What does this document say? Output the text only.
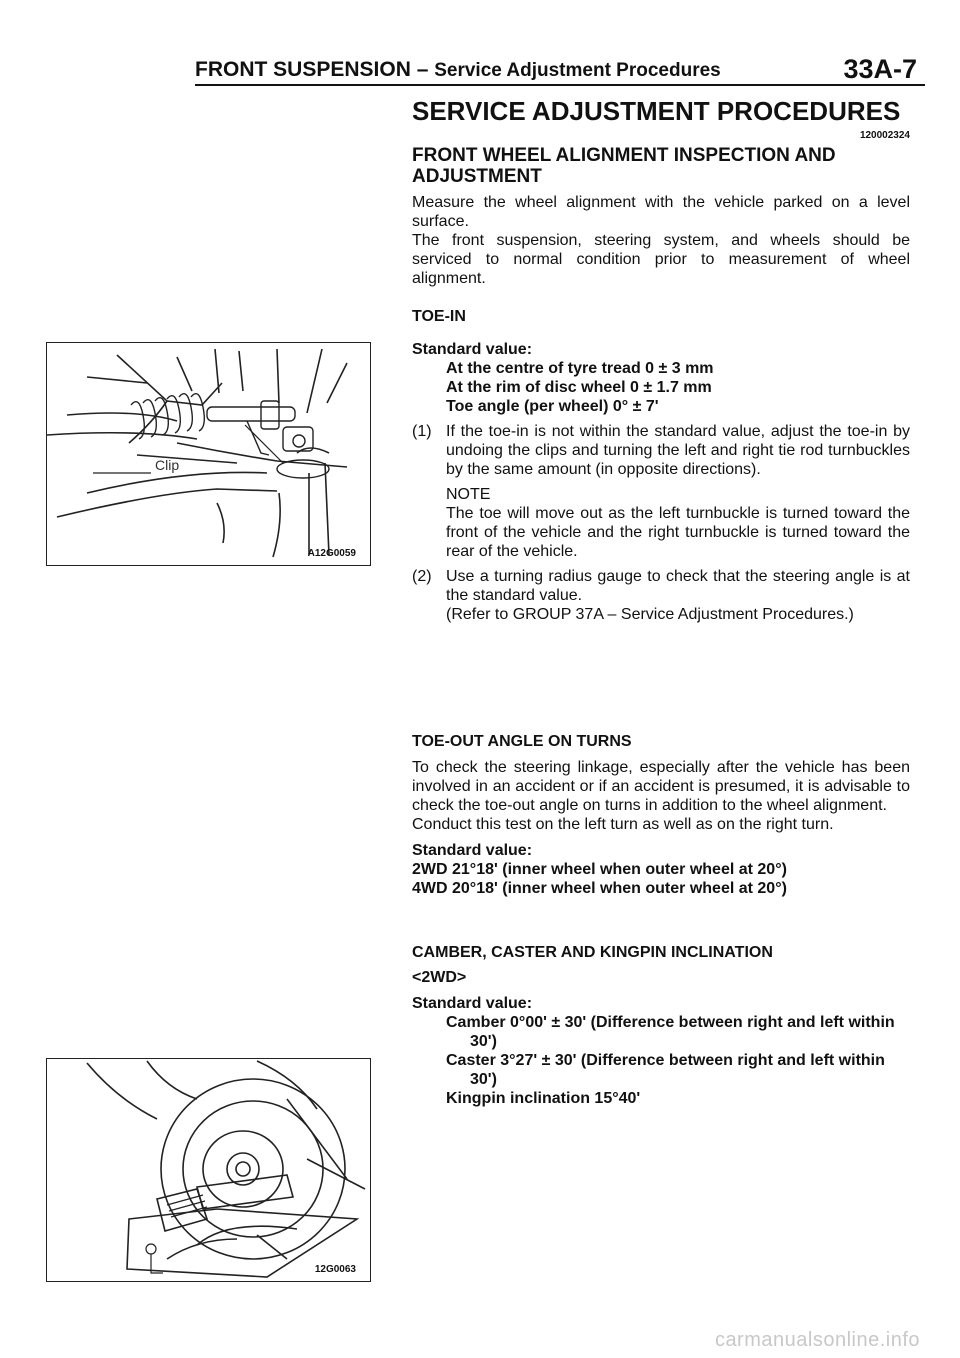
FRONT SUSPENSION – Service Adjustment Procedures	33A-7

SERVICE ADJUSTMENT PROCEDURES

120002324

FRONT WHEEL ALIGNMENT INSPECTION AND ADJUSTMENT

Measure the wheel alignment with the vehicle parked on a level surface.

The front suspension, steering system, and wheels should be serviced to normal condition prior to measurement of wheel alignment.

TOE-IN

Standard value:

At the centre of tyre tread 0 ± 3 mm

At the rim of disc wheel 0 ± 1.7 mm

Toe angle (per wheel) 0° ± 7'

(1) If the toe-in is not within the standard value, adjust the toe-in by undoing the clips and turning the left and right tie rod turnbuckles by the same amount (in opposite directions).
NOTE
The toe will move out as the left turnbuckle is turned toward the front of the vehicle and the right turnbuckle is turned toward the rear of the vehicle.
(2) Use a turning radius gauge to check that the steering angle is at the standard value.
(Refer to GROUP 37A – Service Adjustment Procedures.)

TOE-OUT ANGLE ON TURNS

To check the steering linkage, especially after the vehicle has been involved in an accident or if an accident is presumed, it is advisable to check the toe-out angle on turns in addition to the wheel alignment.

Conduct this test on the left turn as well as on the right turn.

Standard value:

2WD 21°18' (inner wheel when outer wheel at 20°)

4WD 20°18' (inner wheel when outer wheel at 20°)

CAMBER, CASTER AND KINGPIN INCLINATION

<2WD>

Standard value:

Camber 0°00' ± 30' (Difference between right and left within 30')

Caster 3°27' ± 30' (Difference between right and left within 30')

Kingpin inclination 15°40'

Clip
A12G0059
12G0063
carmanualsonline.info
